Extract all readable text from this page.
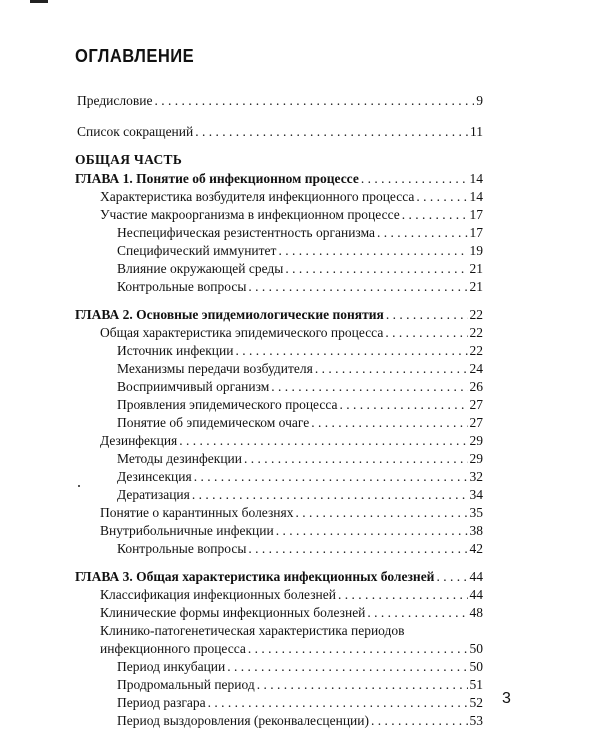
ОГЛАВЛЕНИЕ
Предисловие . . .	9
Список сокращений . . .	11
ОБЩАЯ ЧАСТЬ
ГЛАВА 1. Понятие об инфекционном процессе . . .	14
Характеристика возбудителя инфекционного процесса . . .	14
Участие макроорганизма в инфекционном процессе . . .	17
Неспецифическая резистентность организма . . .	17
Специфический иммунитет . . .	19
Влияние окружающей среды . . .	21
Контрольные вопросы . . .	21
ГЛАВА 2. Основные эпидемиологические понятия . . .	22
Общая характеристика эпидемического процесса . . .	22
Источник инфекции . . .	22
Механизмы передачи возбудителя . . .	24
Восприимчивый организм . . .	26
Проявления эпидемического процесса . . .	27
Понятие об эпидемическом очаге . . .	27
Дезинфекция . . .	29
Методы дезинфекции . . .	29
Дезинсекция . . .	32
Дератизация . . .	34
Понятие о карантинных болезнях . . .	35
Внутрибольничные инфекции . . .	38
Контрольные вопросы . . .	42
ГЛАВА 3. Общая характеристика инфекционных болезней . . .	44
Классификация инфекционных болезней . . .	44
Клинические формы инфекционных болезней . . .	48
Клинико-патогенетическая характеристика периодов
инфекционного процесса . . .	50
Период инкубации . . .	50
Продромальный период . . .	51
Период разгара . . .	52
Период выздоровления (реконвалесценции) . . .	53
3
